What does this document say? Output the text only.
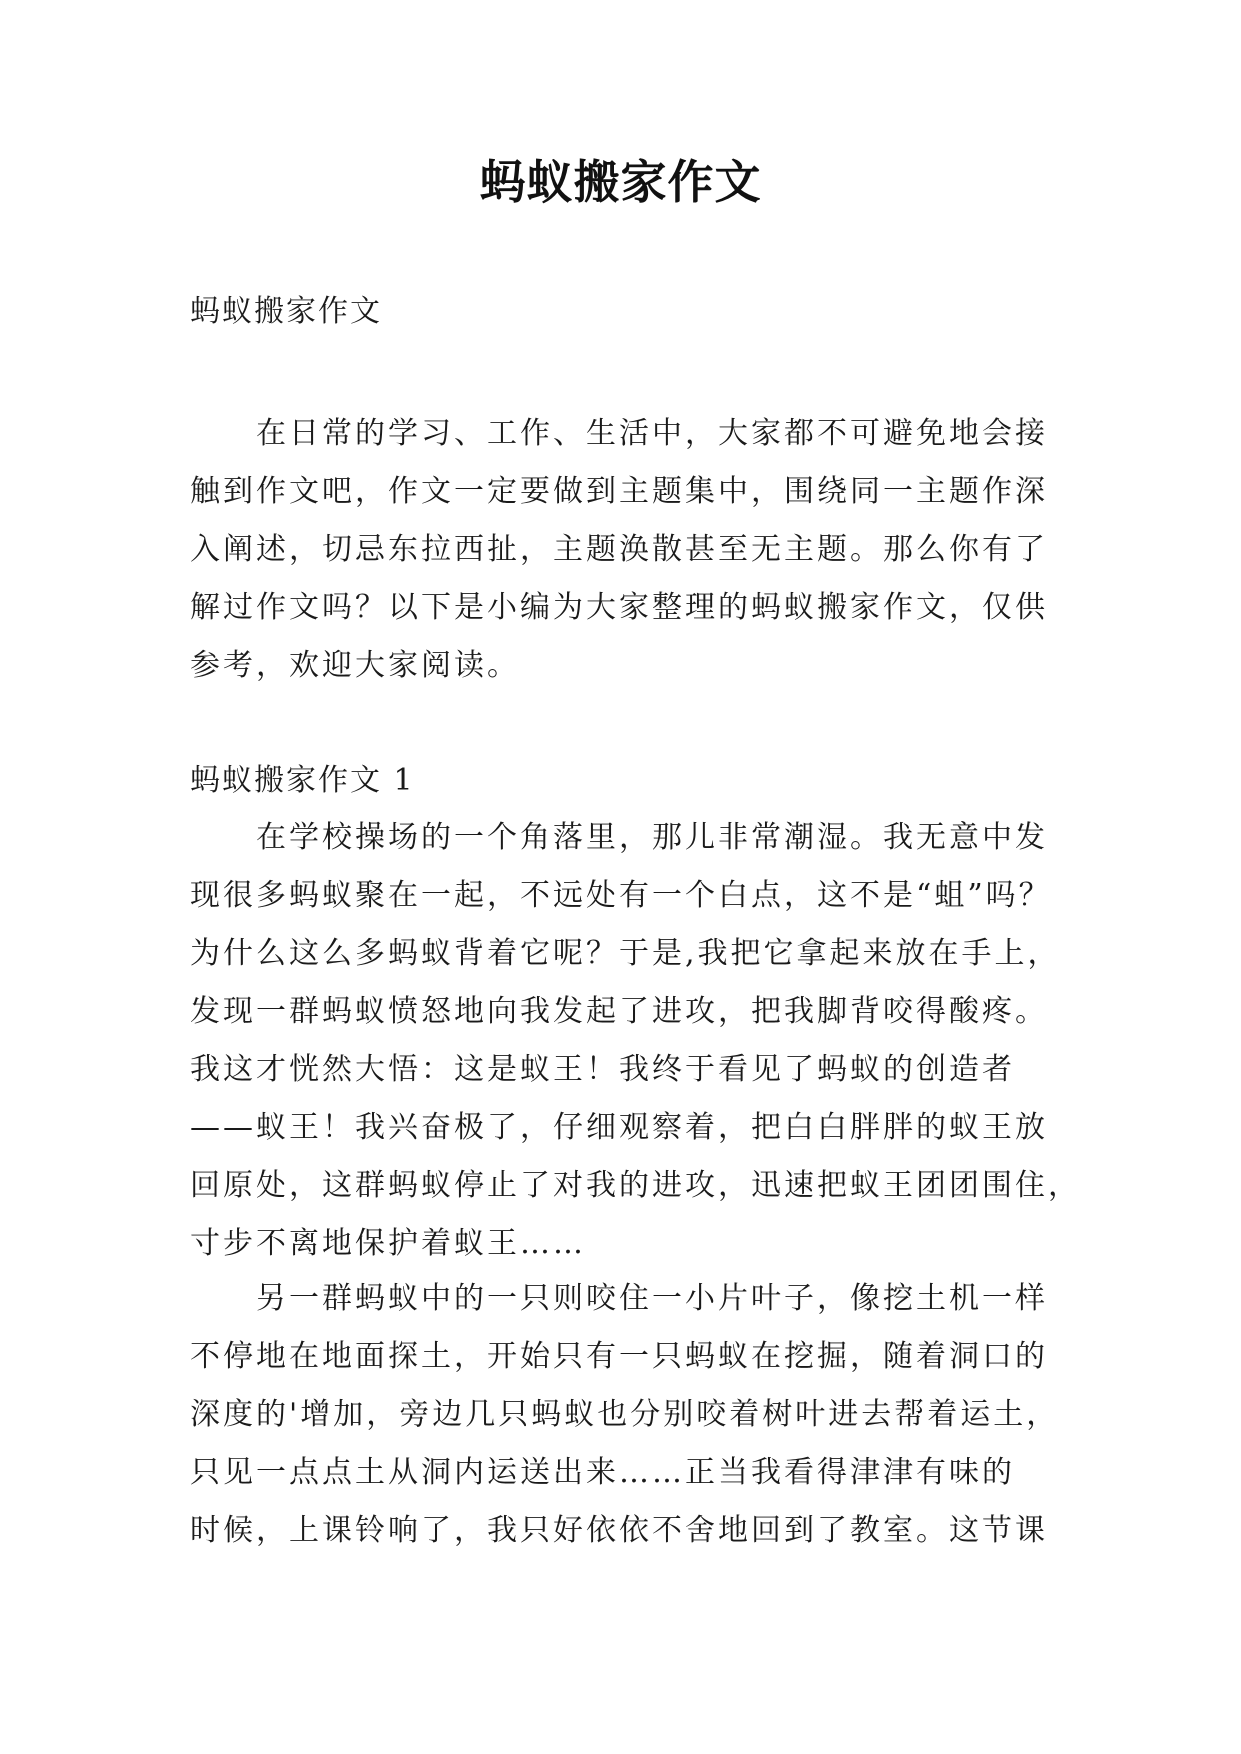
蚂蚁搬家作文
蚂蚁搬家作文
在日常的学习、工作、生活中，大家都不可避免地会接
触到作文吧，作文一定要做到主题集中，围绕同一主题作深
入阐述，切忌东拉西扯，主题涣散甚至无主题。那么你有了
解过作文吗？以下是小编为大家整理的蚂蚁搬家作文，仅供
参考，欢迎大家阅读。
蚂蚁搬家作文 1
在学校操场的一个角落里，那儿非常潮湿。我无意中发
现很多蚂蚁聚在一起，不远处有一个白点，这不是“蛆”吗？
为什么这么多蚂蚁背着它呢？于是,我把它拿起来放在手上，
发现一群蚂蚁愤怒地向我发起了进攻，把我脚背咬得酸疼。
我这才恍然大悟：这是蚁王！我终于看见了蚂蚁的创造者
——蚁王！我兴奋极了，仔细观察着，把白白胖胖的蚁王放
回原处，这群蚂蚁停止了对我的进攻，迅速把蚁王团团围住，
寸步不离地保护着蚁王……
另一群蚂蚁中的一只则咬住一小片叶子，像挖土机一样
不停地在地面探土，开始只有一只蚂蚁在挖掘，随着洞口的
深度的'增加，旁边几只蚂蚁也分别咬着树叶进去帮着运土，
只见一点点土从洞内运送出来……正当我看得津津有味的
时候，上课铃响了，我只好依依不舍地回到了教室。这节课
